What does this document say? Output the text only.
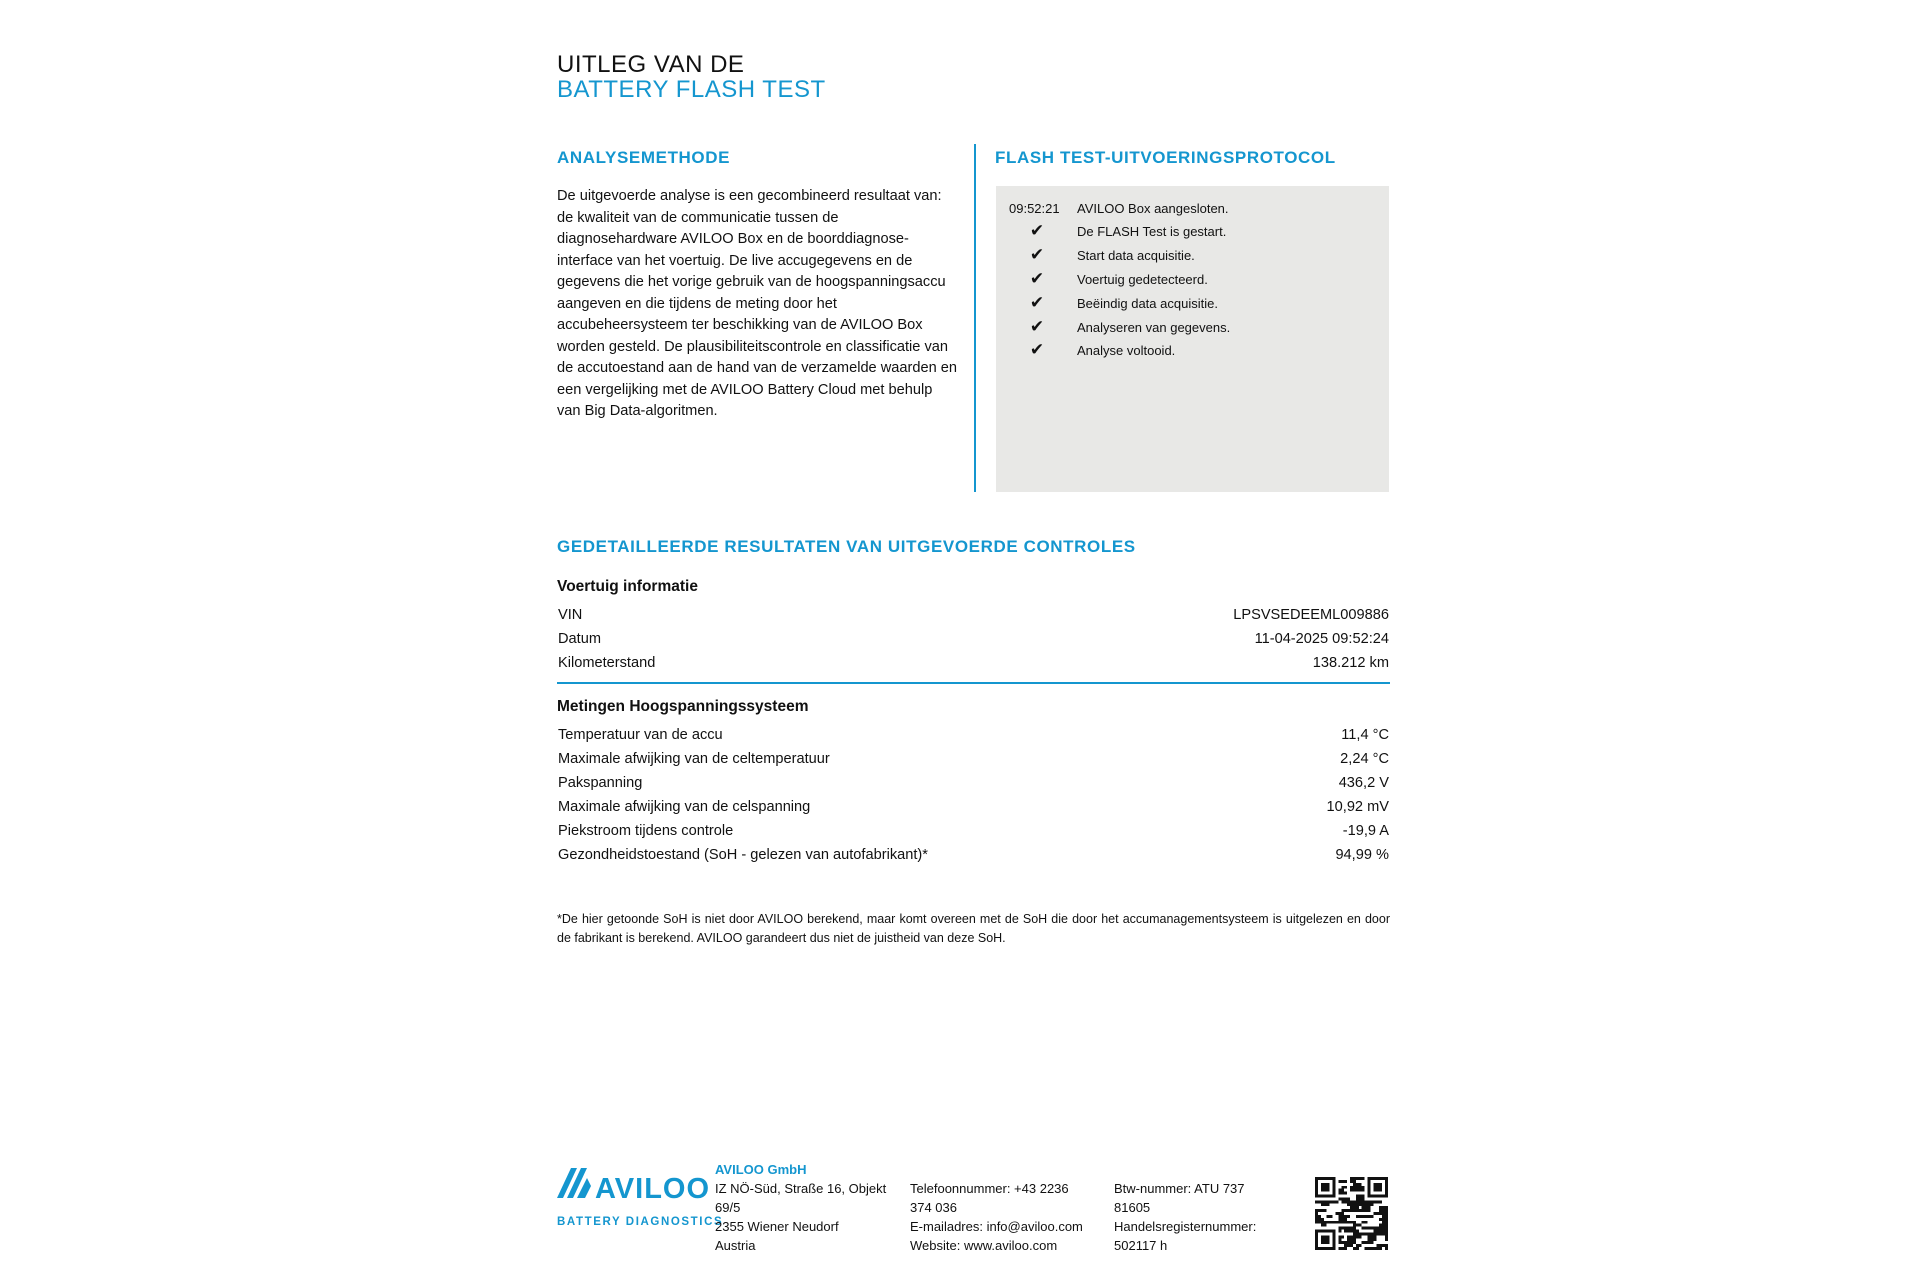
UITLEG VAN DE
BATTERY FLASH TEST
ANALYSEMETHODE
De uitgevoerde analyse is een gecombineerd resultaat van: de kwaliteit van de communicatie tussen de diagnosehardware AVILOO Box en de boorddiagnose-interface van het voertuig. De live accugegevens en de gegevens die het vorige gebruik van de hoogspanningsaccu aangeven en die tijdens de meting door het accubeheersysteem ter beschikking van de AVILOO Box worden gesteld. De plausibiliteitscontrole en classificatie van de accutoestand aan de hand van de verzamelde waarden en een vergelijking met de AVILOO Battery Cloud met behulp van Big Data-algoritmen.
FLASH TEST-UITVOERINGSPROTOCOL
09:52:21	AVILOO Box aangesloten.
✔	De FLASH Test is gestart.
✔	Start data acquisitie.
✔	Voertuig gedetecteerd.
✔	Beëindig data acquisitie.
✔	Analyseren van gegevens.
✔	Analyse voltooid.
GEDETAILLEERDE RESULTATEN VAN UITGEVOERDE CONTROLES
Voertuig informatie
VIN	LPSVSEDEEML009886
Datum	11-04-2025 09:52:24
Kilometerstand	138.212 km
Metingen Hoogspanningssysteem
Temperatuur van de accu	11,4 °C
Maximale afwijking van de celtemperatuur	2,24 °C
Pakspanning	436,2 V
Maximale afwijking van de celspanning	10,92 mV
Piekstroom tijdens controle	-19,9 A
Gezondheidstoestand (SoH - gelezen van autofabrikant)*	94,99 %
*De hier getoonde SoH is niet door AVILOO berekend, maar komt overeen met de SoH die door het accumanagementsysteem is uitgelezen en door de fabrikant is berekend. AVILOO garandeert dus niet de juistheid van deze SoH.
AVILOO
BATTERY DIAGNOSTICS
AVILOO GmbH
IZ NÖ-Süd, Straße 16, Objekt
69/5
2355 Wiener Neudorf
Austria
Telefoonnummer: +43 2236
374 036
E-mailadres: info@aviloo.com
Website: www.aviloo.com
Btw-nummer: ATU 737
81605
Handelsregisternummer:
502117 h
